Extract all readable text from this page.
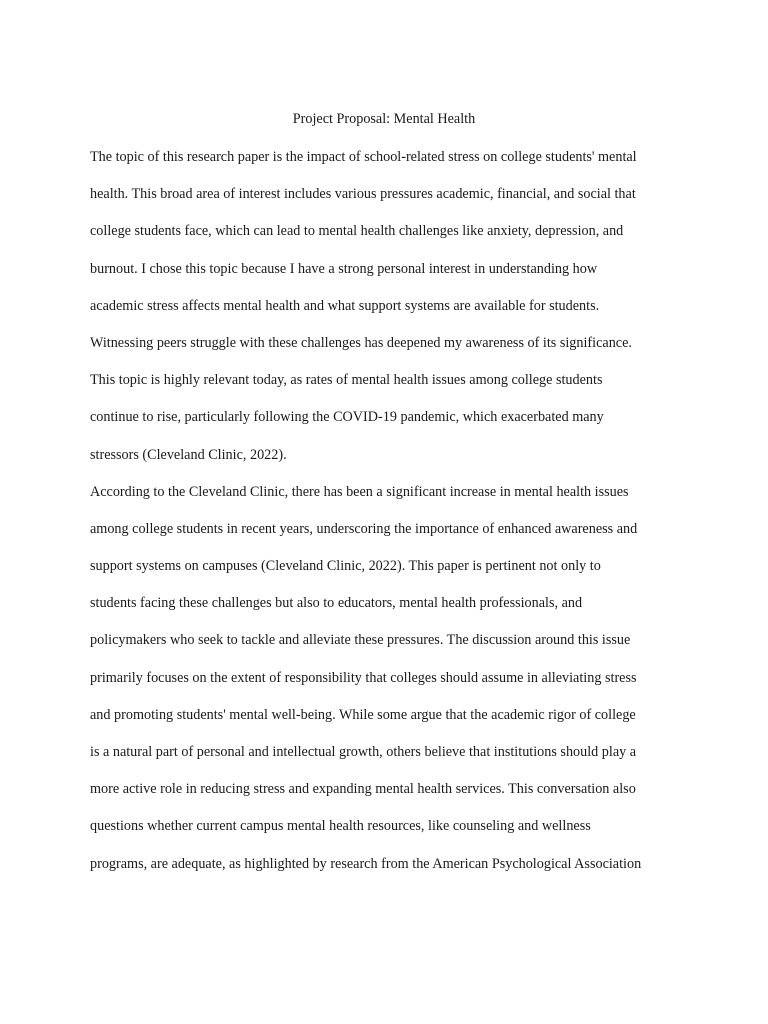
Project Proposal: Mental Health
The topic of this research paper is the impact of school-related stress on college students' mental
health. This broad area of interest includes various pressures academic, financial, and social that
college students face, which can lead to mental health challenges like anxiety, depression, and
burnout. I chose this topic because I have a strong personal interest in understanding how
academic stress affects mental health and what support systems are available for students.
Witnessing peers struggle with these challenges has deepened my awareness of its significance.
This topic is highly relevant today, as rates of mental health issues among college students
continue to rise, particularly following the COVID-19 pandemic, which exacerbated many
stressors (Cleveland Clinic, 2022).
According to the Cleveland Clinic, there has been a significant increase in mental health issues
among college students in recent years, underscoring the importance of enhanced awareness and
support systems on campuses (Cleveland Clinic, 2022). This paper is pertinent not only to
students facing these challenges but also to educators, mental health professionals, and
policymakers who seek to tackle and alleviate these pressures. The discussion around this issue
primarily focuses on the extent of responsibility that colleges should assume in alleviating stress
and promoting students' mental well-being. While some argue that the academic rigor of college
is a natural part of personal and intellectual growth, others believe that institutions should play a
more active role in reducing stress and expanding mental health services. This conversation also
questions whether current campus mental health resources, like counseling and wellness
programs, are adequate, as highlighted by research from the American Psychological Association
